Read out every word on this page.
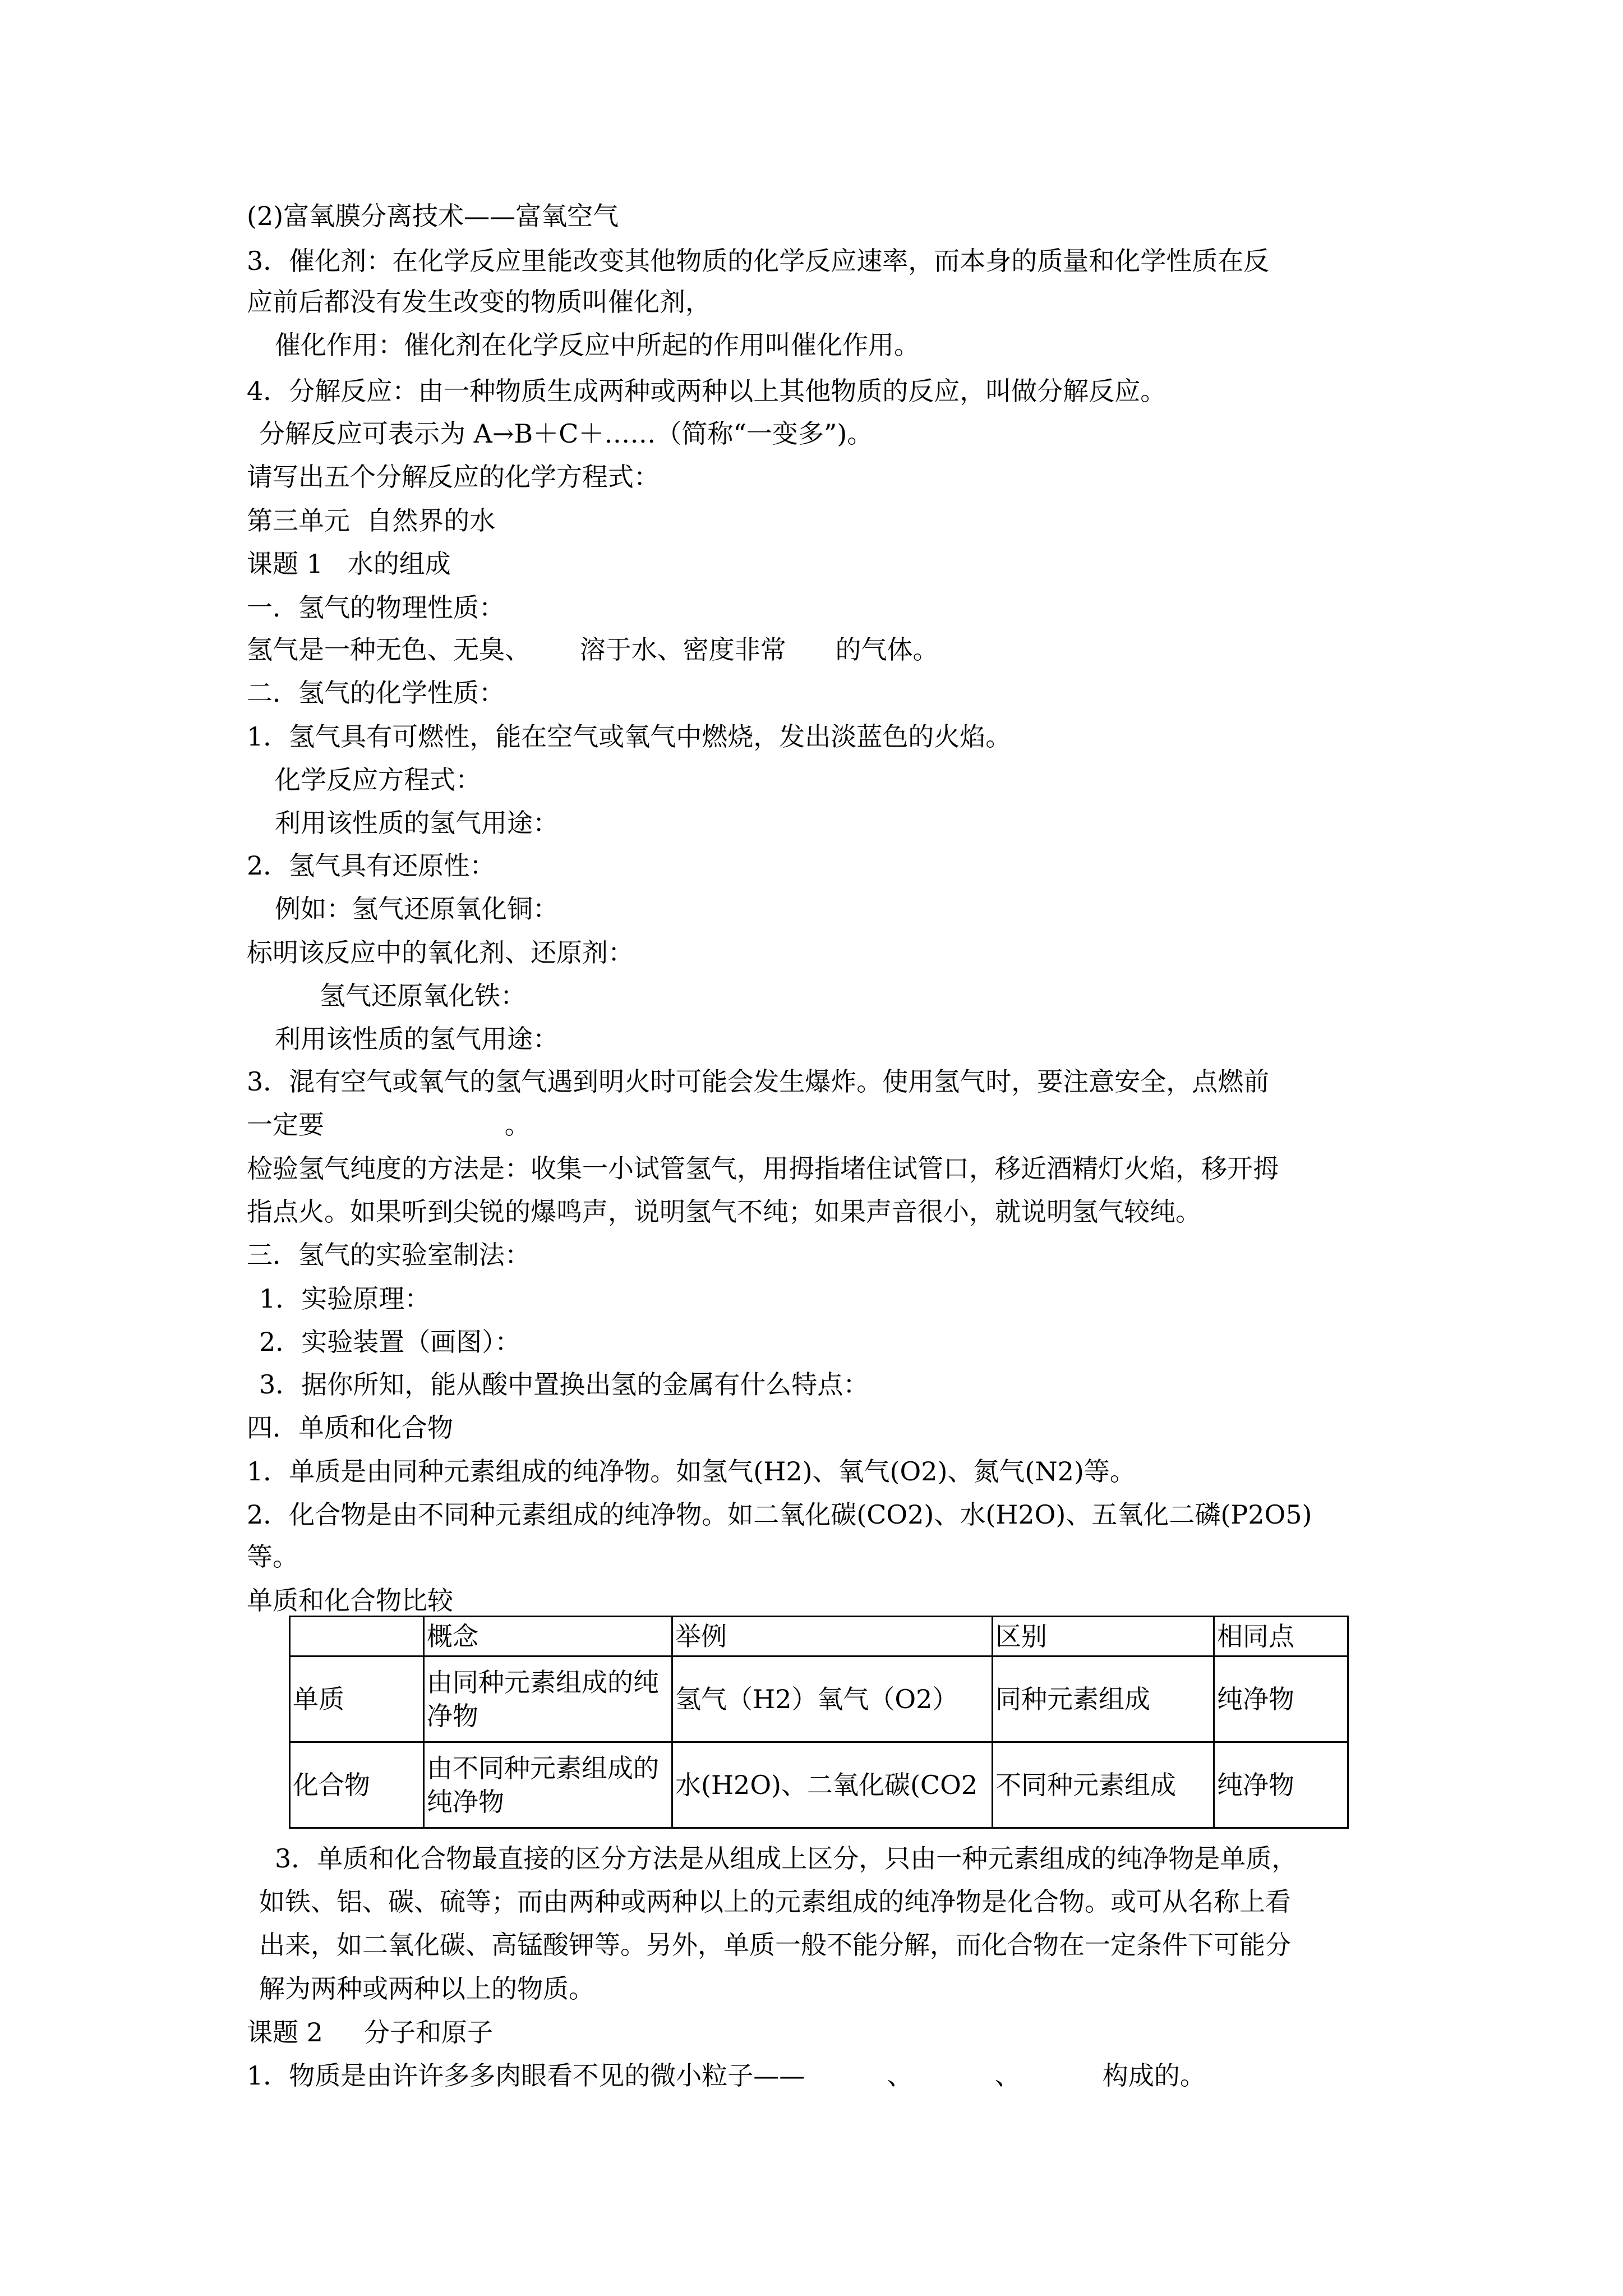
(2)富氧膜分离技术——富氧空气
3．催化剂：在化学反应里能改变其他物质的化学反应速率，而本身的质量和化学性质在反
应前后都没有发生改变的物质叫催化剂，
催化作用：催化剂在化学反应中所起的作用叫催化作用。
4．分解反应：由一种物质生成两种或两种以上其他物质的反应，叫做分解反应。
分解反应可表示为 A→B＋C＋……（简称“一变多”)。
请写出五个分解反应的化学方程式：
第三单元  自然界的水
课题 1   水的组成
一．氢气的物理性质：
氢气是一种无色、无臭、      溶于水、密度非常      的气体。
二．氢气的化学性质：
1．氢气具有可燃性，能在空气或氧气中燃烧，发出淡蓝色的火焰。
化学反应方程式：
利用该性质的氢气用途：
2．氢气具有还原性：
例如：氢气还原氧化铜：
标明该反应中的氧化剂、还原剂：
氢气还原氧化铁：
利用该性质的氢气用途：
3．混有空气或氧气的氢气遇到明火时可能会发生爆炸。使用氢气时，要注意安全，点燃前
一定要                      。
检验氢气纯度的方法是：收集一小试管氢气，用拇指堵住试管口，移近酒精灯火焰，移开拇
指点火。如果听到尖锐的爆鸣声，说明氢气不纯；如果声音很小，就说明氢气较纯。
三．氢气的实验室制法：
1．实验原理：
2．实验装置（画图）：
3．据你所知，能从酸中置换出氢的金属有什么特点：
四．单质和化合物
1．单质是由同种元素组成的纯净物。如氢气(H2)、氧气(O2)、氮气(N2)等。
2．化合物是由不同种元素组成的纯净物。如二氧化碳(CO2)、水(H2O)、五氧化二磷(P2O5)
等。
单质和化合物比较
	概念	举例	区别	相同点
单质	由同种元素组成的纯净物	氢气（H2）氧气（O2）	同种元素组成	纯净物
化合物	由不同种元素组成的纯净物	水(H2O)、二氧化碳(CO2	不同种元素组成	纯净物
3．单质和化合物最直接的区分方法是从组成上区分，只由一种元素组成的纯净物是单质，
如铁、铝、碳、硫等；而由两种或两种以上的元素组成的纯净物是化合物。或可从名称上看
出来，如二氧化碳、高锰酸钾等。另外，单质一般不能分解，而化合物在一定条件下可能分
解为两种或两种以上的物质。
课题 2     分子和原子
1．物质是由许许多多肉眼看不见的微小粒子——          、          、          构成的。
